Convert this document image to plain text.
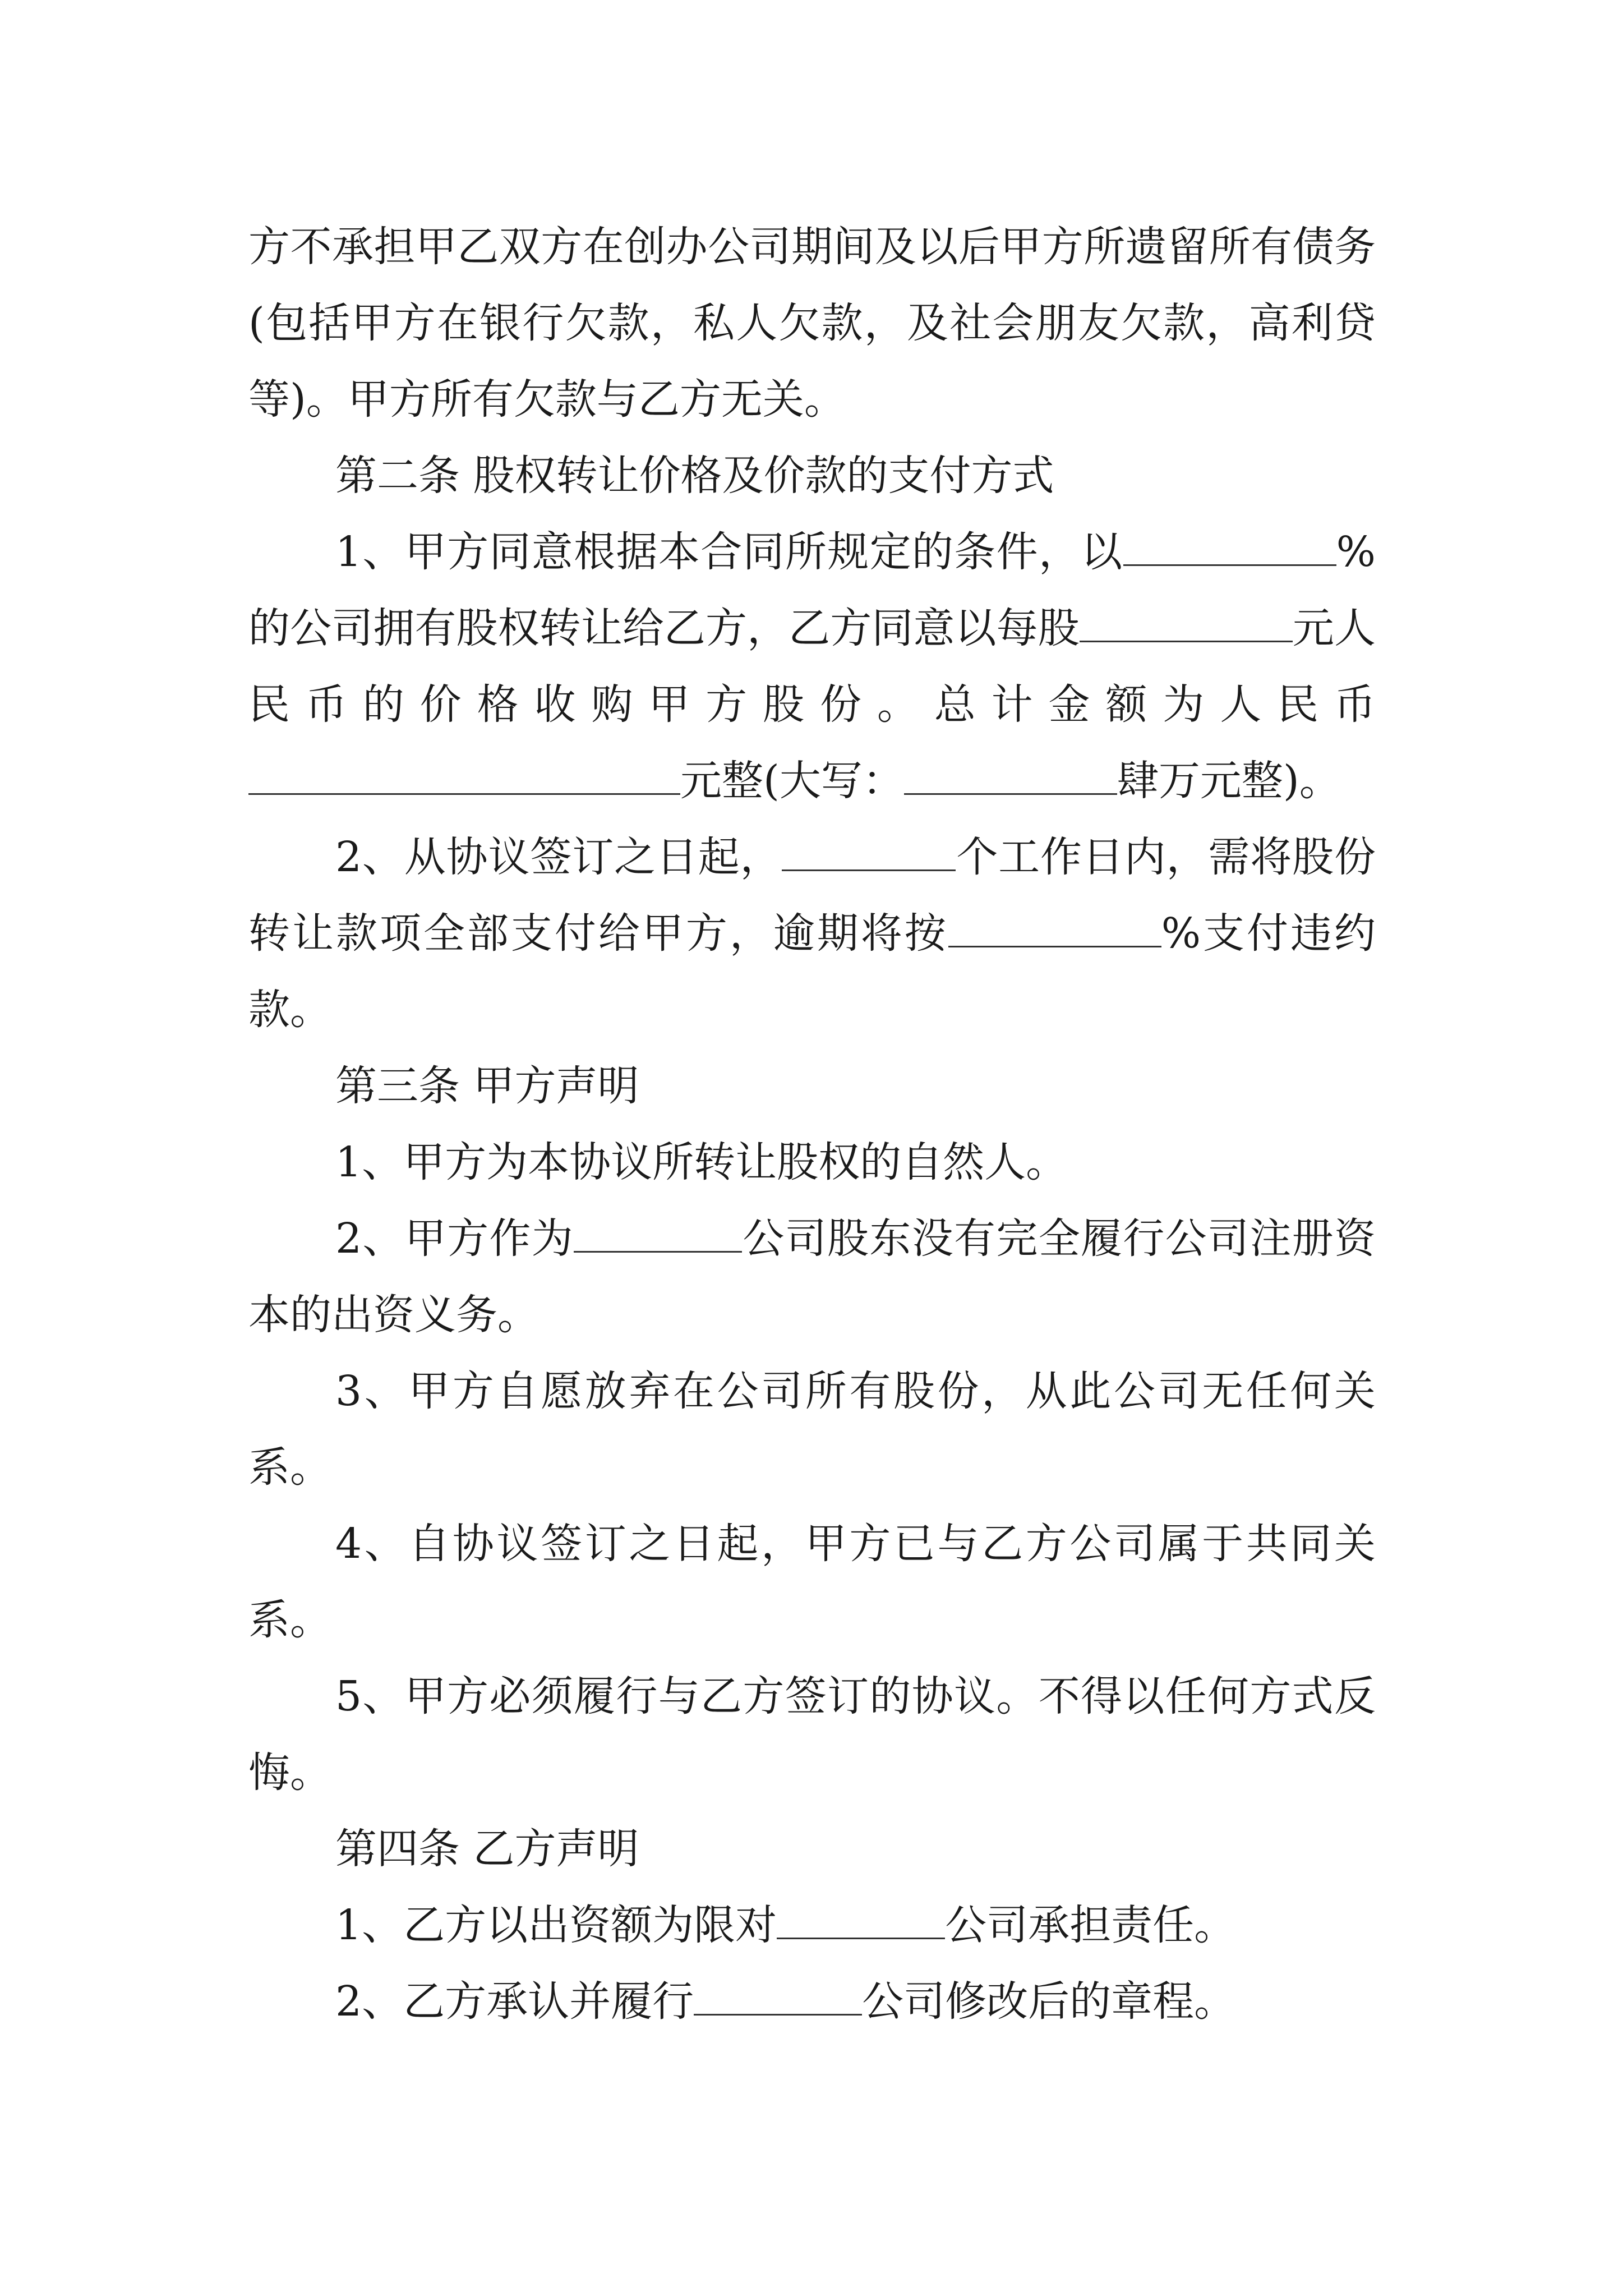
方不承担甲乙双方在创办公司期间及以后甲方所遗留所有债务(包括甲方在银行欠款，私人欠款，及社会朋友欠款，高利贷等)。甲方所有欠款与乙方无关。

第二条 股权转让价格及价款的支付方式

1、甲方同意根据本合同所规定的条件，以	%的公司拥有股权转让给乙方，乙方同意以每股	元人民币的价格收购甲方股份。总计金额为人民币元整(大写：	肆万元整)。

2、从协议签订之日起，	个工作日内，需将股份转让款项全部支付给甲方，逾期将按	%支付违约款。

第三条 甲方声明

1、甲方为本协议所转让股权的自然人。

2、甲方作为	公司股东没有完全履行公司注册资本的出资义务。

3、甲方自愿放弃在公司所有股份，从此公司无任何关系。

4、自协议签订之日起，甲方已与乙方公司属于共同关系。

5、甲方必须履行与乙方签订的协议。不得以任何方式反悔。

第四条 乙方声明

1、乙方以出资额为限对	公司承担责任。

2、乙方承认并履行	公司修改后的章程。
